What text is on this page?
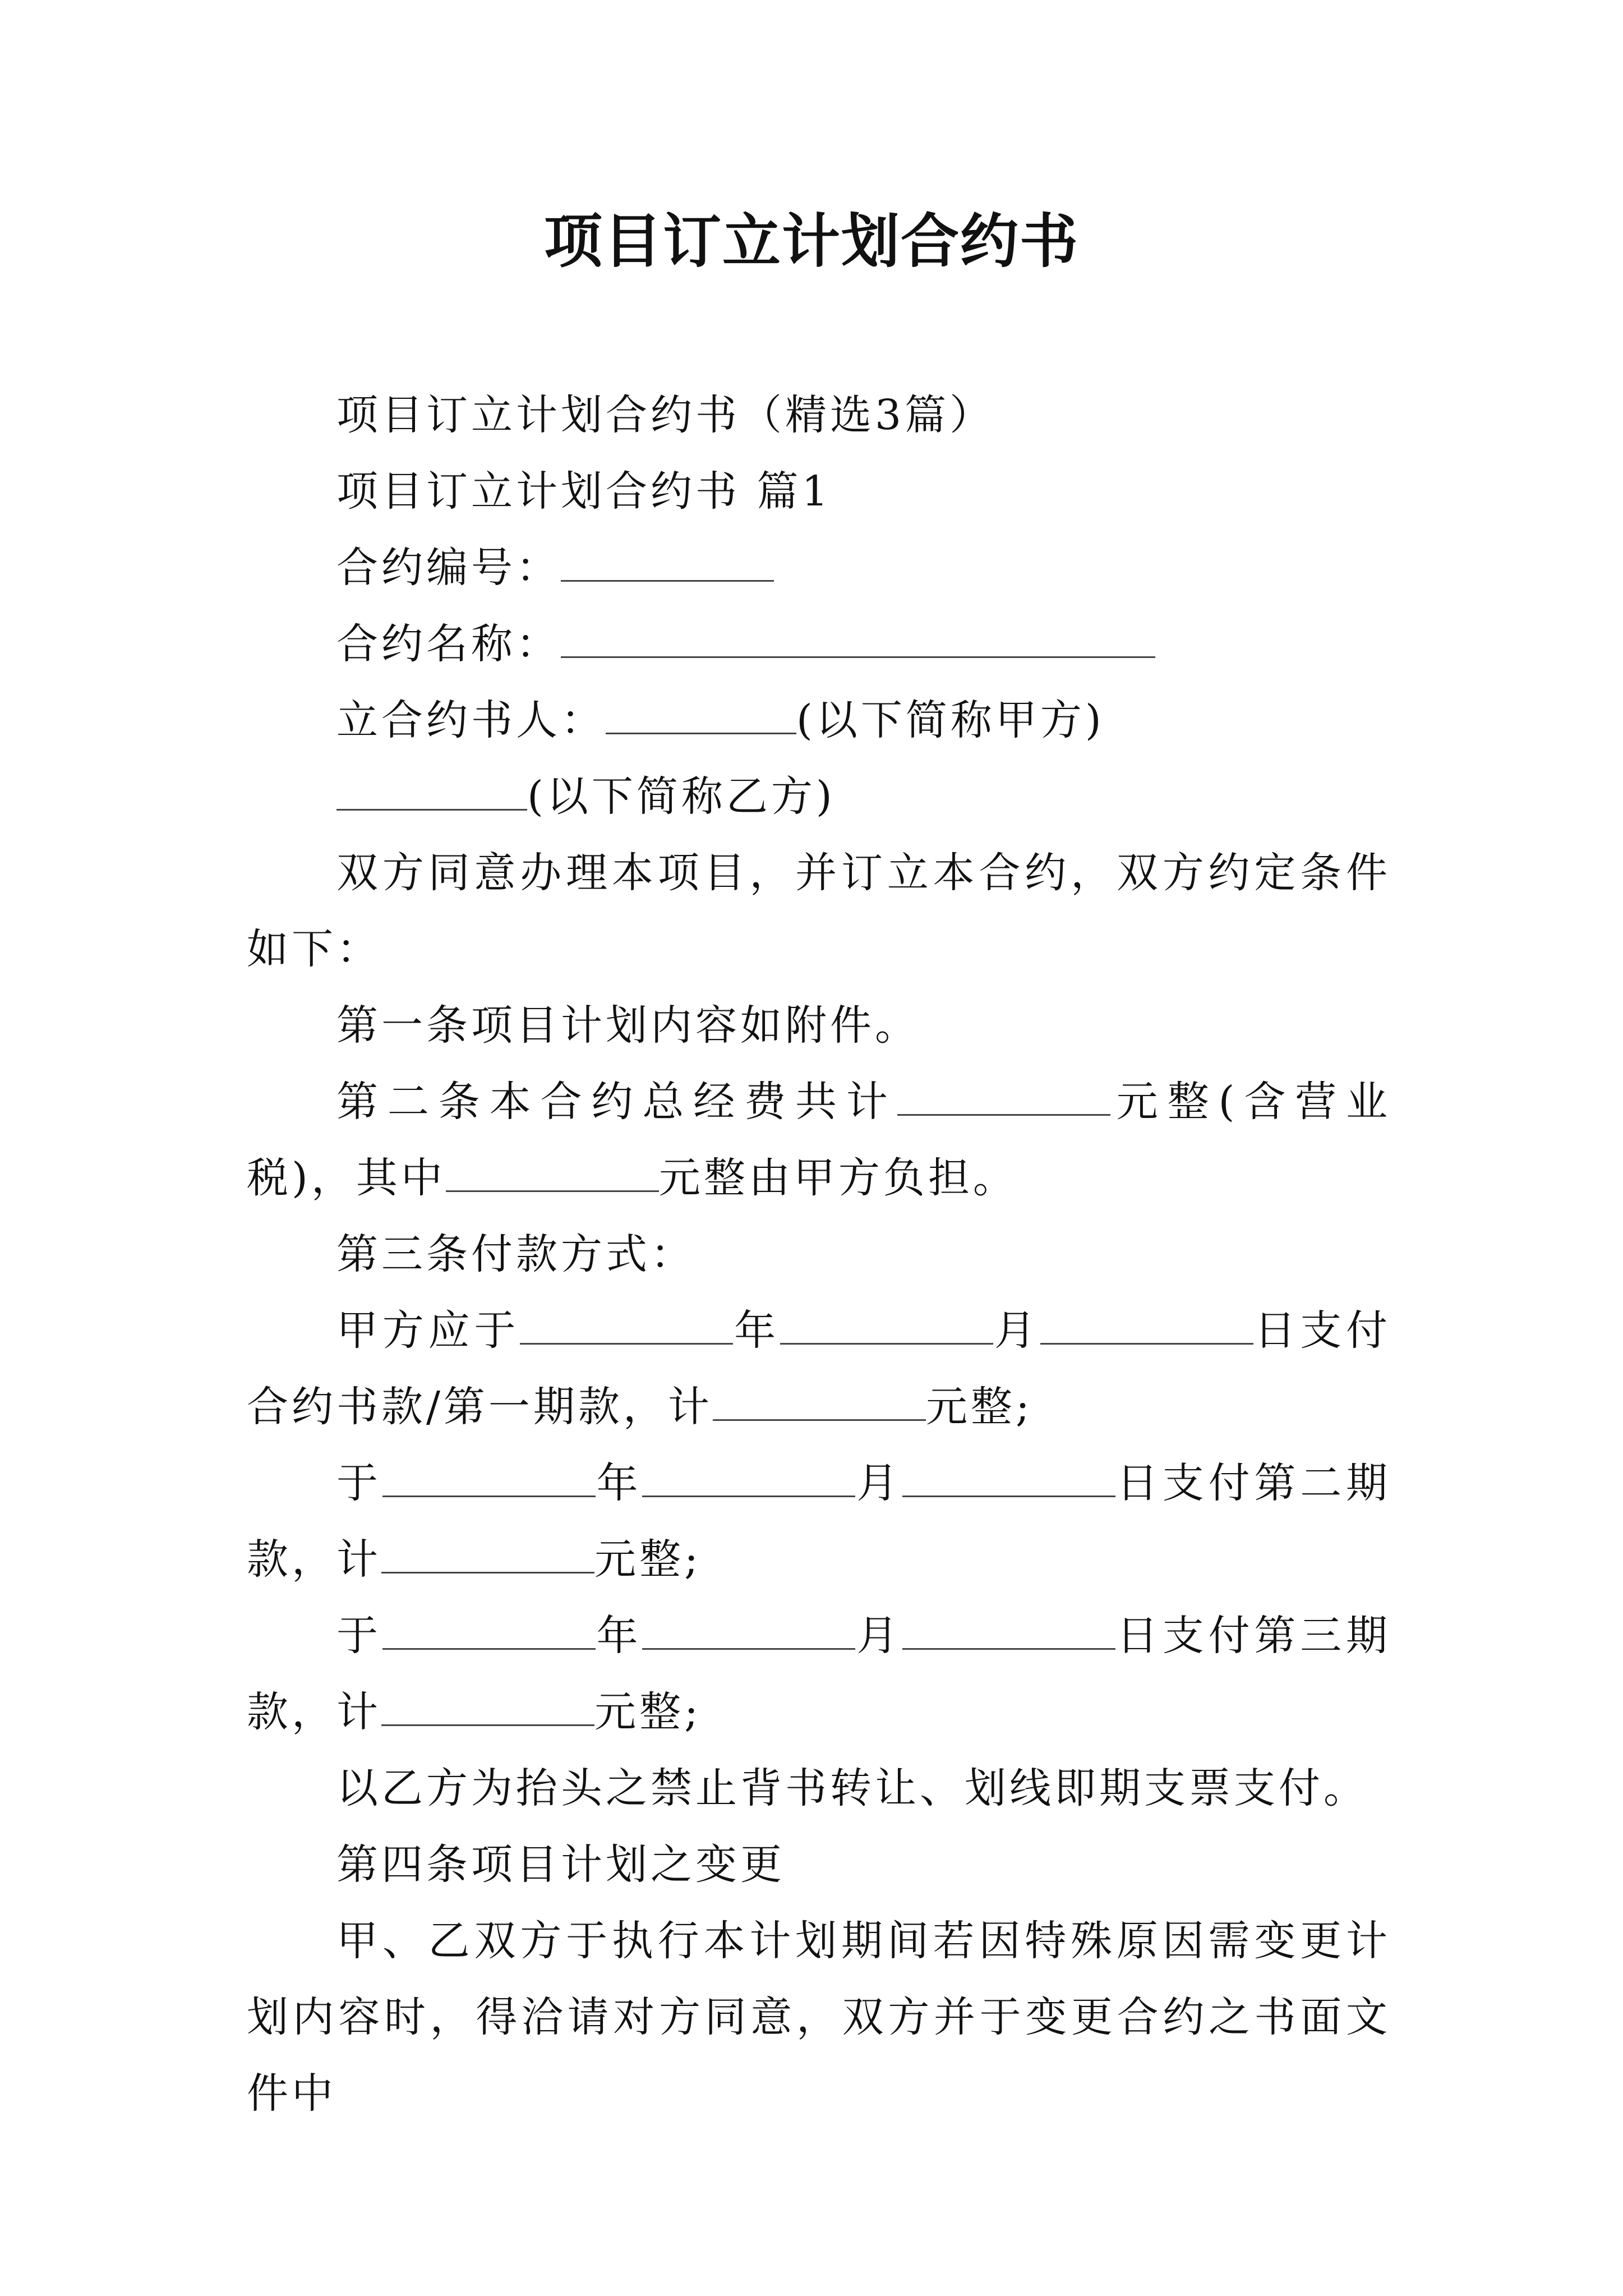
项目订立计划合约书

项目订立计划合约书（精选3篇）

项目订立计划合约书 篇1

合约编号：

合约名称：

立合约书人：	(以下简称甲方)

(以下简称乙方)

双方同意办理本项目，并订立本合约，双方约定条件如下：

第一条项目计划内容如附件。

第二条本合约总经费共计	元整(含营业税)，其中	元整由甲方负担。

第三条付款方式：

甲方应于	年	月	日支付合约书款/第一期款，计	元整;

于	年	月	日支付第二期款，计	元整;

于	年	月	日支付第三期款，计	元整;

以乙方为抬头之禁止背书转让、划线即期支票支付。

第四条项目计划之变更

甲、乙双方于执行本计划期间若因特殊原因需变更计划内容时，得洽请对方同意，双方并于变更合约之书面文件中
